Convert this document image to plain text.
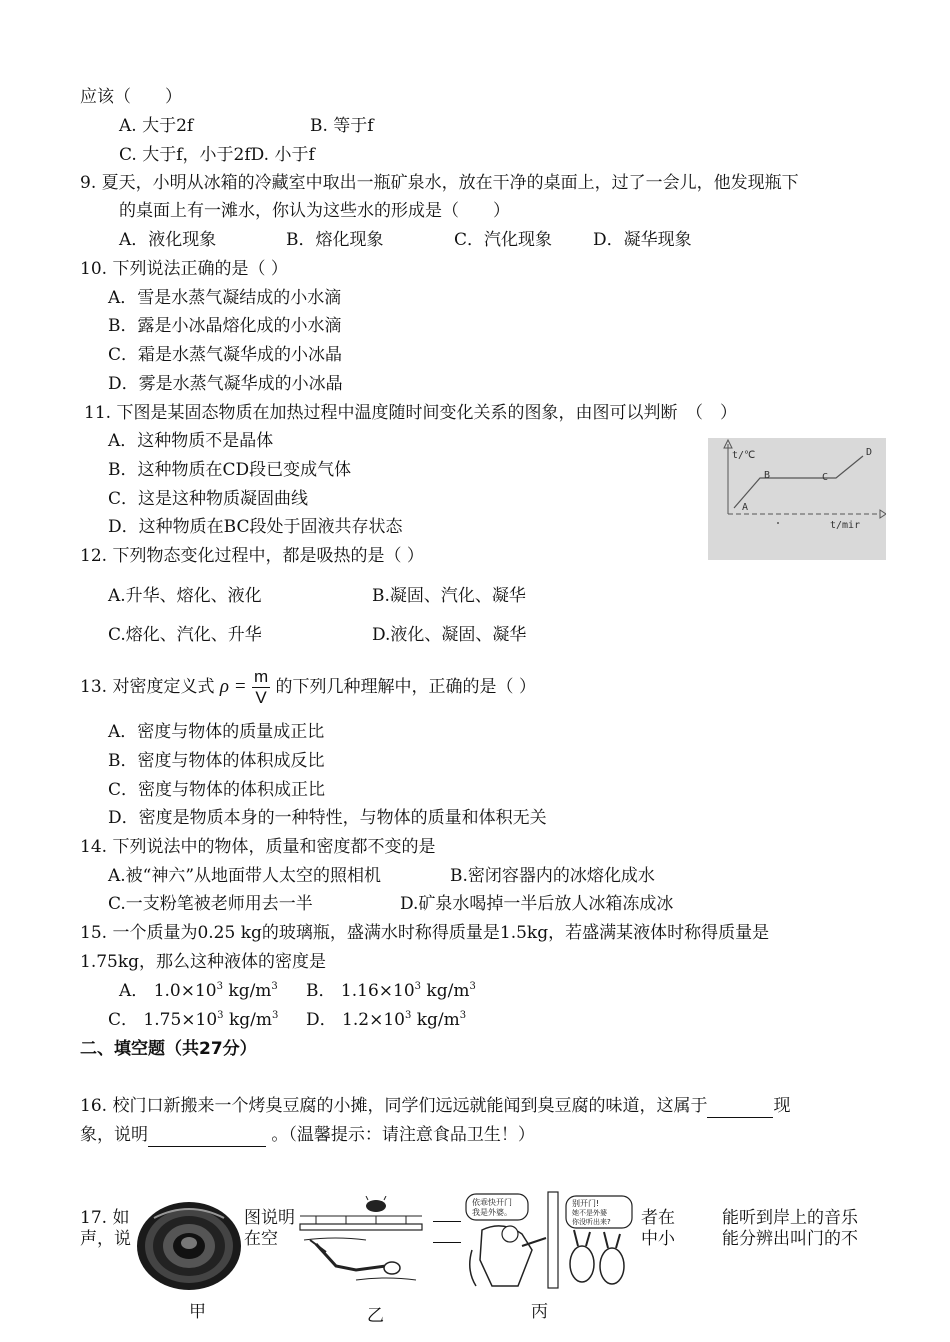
应该（　　）
A. 大于2f	B. 等于f
C. 大于f，小于2fD. 小于f
9. 夏天，小明从冰箱的冷藏室中取出一瓶矿泉水，放在干净的桌面上，过了一会儿，他发现瓶下
的桌面上有一滩水，你认为这些水的形成是（　　）
A．液化现象	B．熔化现象	C．汽化现象 D．凝华现象
10. 下列说法正确的是（ ）
A．雪是水蒸气凝结成的小水滴
B．露是小冰晶熔化成的小水滴
C．霜是水蒸气凝华成的小冰晶
D．雾是水蒸气凝华成的小冰晶
11. 下图是某固态物质在加热过程中温度随时间变化关系的图象，由图可以判断　（　）
A．这种物质不是晶体
B．这种物质在CD段已变成气体
C．这是这种物质凝固曲线
D．这种物质在BC段处于固液共存状态
t/℃
A
B	C
D
t/mir
12. 下列物态变化过程中，都是吸热的是（ ）
A.升华、熔化、液化	B.凝固、汽化、凝华
C.熔化、汽化、升华	D.液化、凝固、凝华
13. 对密度定义式 $\rho = \frac{m}{V}$ 的下列几种理解中，正确的是（ ）
A．密度与物体的质量成正比
B．密度与物体的体积成反比
C．密度与物体的体积成正比
D．密度是物质本身的一种特性，与物体的质量和体积无关
14. 下列说法中的物体，质量和密度都不变的是
A.被“神六”从地面带人太空的照相机	B.密闭容器内的冰熔化成水
C.一支粉笔被老师用去一半	D.矿泉水喝掉一半后放人冰箱冻成冰
15. 一个质量为0.25 kg的玻璃瓶，盛满水时称得质量是1.5kg，若盛满某液体时称得质量是
1.75kg，那么这种液体的密度是
A． $1.0\times 10^3$ $kg/m^3$ B． $1.16\times 10^3$ $kg/m^3$
C． $1.75\times 10^3$ $kg/m^3$ D． $1.2\times 10^3$ $kg/m^3$
二、填空题（共27分）
16. 校门口新搬来一个烤臭豆腐的小摊，同学们远远就能闻到臭豆腐的味道，这属于	现
象，说明	。（温馨提示：请注意食品卫生！）
17. 如
声，说
图说明
在空
者在
中小
能听到岸上的音乐
能分辨出叫门的不
依乖快开门
我是外婆。
别开门!
她不是外婆
你没听出来?
甲	乙	丙
